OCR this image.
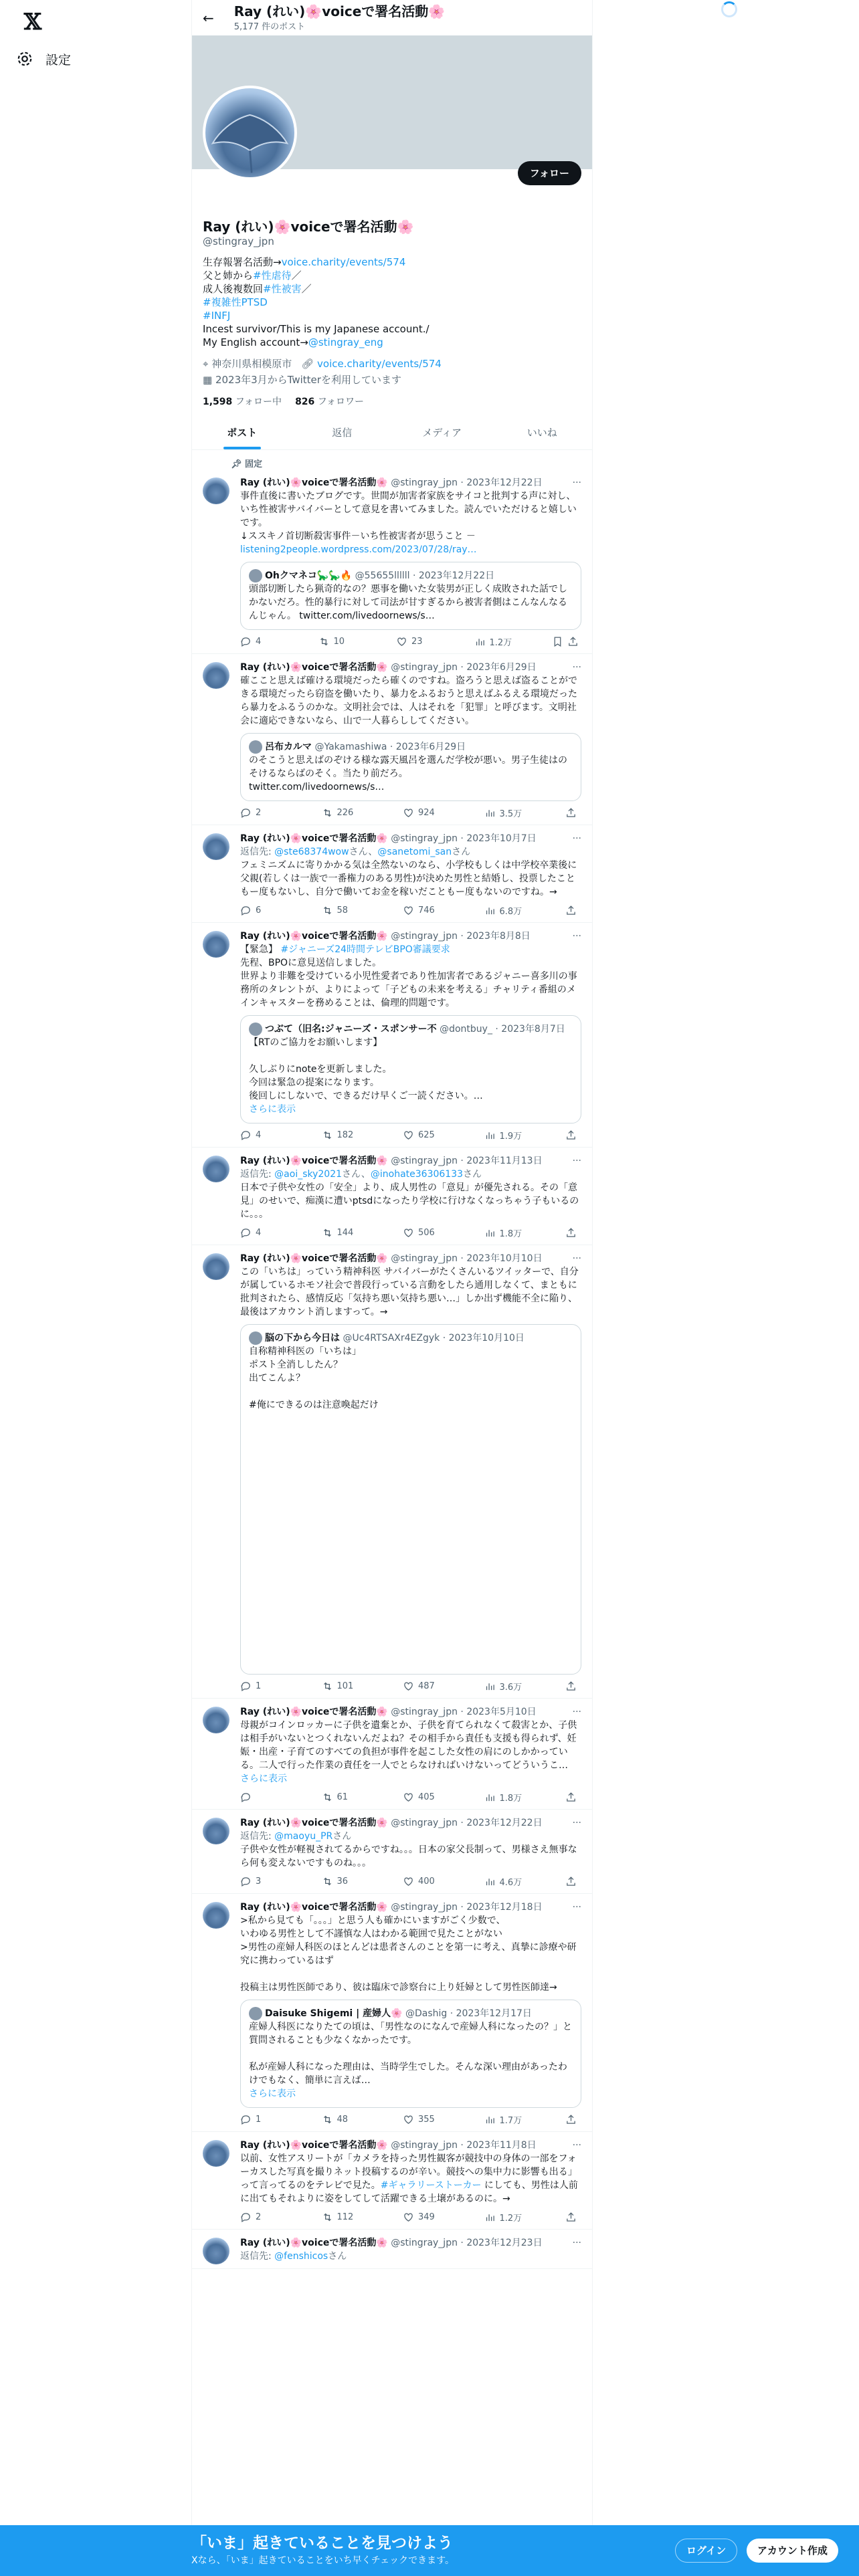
𝕏
設定
← Ray (れい)🌸voiceで署名活動🌸
5,177 件のポスト
フォロー
Ray (れい)🌸voiceで署名活動🌸
@stingray_jpn
生存報署名活動→voice.charity/events/574
父と姉から#性虐待／
成人後複数回#性被害／
#複雑性PTSD
#INFJ
Incest survivor/This is my Japanese account./
My English account→@stingray_eng
⌖ 神奈川県相模原市 🔗︎ voice.charity/events/574
▦ 2023年3月からTwitterを利用しています
1,598 フォロー中 826 フォロワー
ポスト	返信	メディア	いいね
📌︎ 固定
Ray (れい)🌸voiceで署名活動🌸 @stingray_jpn · 2023年12月22日	···
事件直後に書いたブログです。世間が加害者家族をサイコと批判する声に対し、いち性被害サバイバーとして意見を書いてみました。読んでいただけると嬉しいです。
↓ススキノ首切断殺害事件－いち性被害者が思うこと －
listening2people.wordpress.com/2023/07/28/ray…
Ohクマネコ🦕🦕🔥 @55655llllll · 2023年12月22日
頭部切断したら猟奇的なの？悪事を働いた女装男が正しく成敗された話でしかないだろ。性的暴行に対して司法が甘すぎるから被害者側はこんなんなるんじゃん。 twitter.com/livedoornews/s…
4	10	23	1.2万
Ray (れい)🌸voiceで署名活動🌸 @stingray_jpn · 2023年6月29日	···
確ここと思えば確ける環境だったら確くのですね。盗ろうと思えば盗ることができる環境だったら窃盗を働いたり、暴力をふるおうと思えばふるえる環境だったら暴力をふるうのかな。文明社会では、人はそれを「犯罪」と呼びます。文明社会に適応できないなら、山で一人暮らししてください。
呂布カルマ @Yakamashiwa · 2023年6月29日
のそこうと思えばのぞける様な露天風呂を選んだ学校が悪い。男子生徒はのそけるならばのそく。当たり前だろ。
twitter.com/livedoornews/s…
2	226	924	3.5万
Ray (れい)🌸voiceで署名活動🌸 @stingray_jpn · 2023年10月7日	···
返信先: @ste68374wowさん、@sanetomi_sanさん
フェミニズムに寄りかかる気は全然ないのなら、小学校もしくは中学校卒業後に父親(若しくは一族で一番権力のある男性)が決めた男性と結婚し、投票したこともー度もないし、自分で働いてお金を稼いだこともー度もないのですね。→
6	58	746	6.8万
Ray (れい)🌸voiceで署名活動🌸 @stingray_jpn · 2023年8月8日	···
【緊急】 #ジャニーズ24時間テレビBPO審議要求
先程、BPOに意見送信しました。
世界より非難を受けている小児性愛者であり性加害者であるジャニー喜多川の事務所のタレントが、よりによって「子どもの未来を考える」チャリティ番組のメインキャスターを務めることは、倫理的問題です。
つぶて（旧名:ジャニーズ・スポンサー不 @dontbuy_ · 2023年8月7日
【RTのご協力をお願いします】

久しぶりにnoteを更新しました。
今回は緊急の提案になります。
後回しにしないで、できるだけ早くご一読ください。…
さらに表示
4	182	625	1.9万
Ray (れい)🌸voiceで署名活動🌸 @stingray_jpn · 2023年11月13日	···
返信先: @aoi_sky2021さん、@inohate36306133さん
日本で子供や女性の「安全」より、成人男性の「意見」が優先される。その「意見」のせいで、痴漢に遭いptsdになったり学校に行けなくなっちゃう子もいるのに。。。
4	144	506	1.8万
Ray (れい)🌸voiceで署名活動🌸 @stingray_jpn · 2023年10月10日	···
この「いちは」っていう精神科医 サバイバーがたくさんいるツイッターで、自分が属しているホモソ社会で普段行っている言動をしたら通用しなくて、まともに批判されたら、感情反応「気持ち悪い気持ち悪い…」しか出ず機能不全に陥り、最後はアカウント消しますって。→
脳の下から今日は @Uc4RTSAXr4EZgyk · 2023年10月10日
自称精神科医の「いちは」
ポスト全消ししたん？
出てこんよ？

#俺にできるのは注意喚起だけ
1	101	487	3.6万
Ray (れい)🌸voiceで署名活動🌸 @stingray_jpn · 2023年5月10日	···
母親がコインロッカーに子供を遺棄とか、子供を育てられなくて殺害とか、子供は相手がいないとつくれないんだよね？その相手から責任も支援も得られず、妊娠・出産・子育てのすべての負担が事件を起こした女性の肩にのしかかっている。二人で行った作業の責任を一人でとらなければいけないってどういうこ…
さらに表示
61	405	1.8万
Ray (れい)🌸voiceで署名活動🌸 @stingray_jpn · 2023年12月22日	···
返信先: @maoyu_PRさん
子供や女性が軽視されてるからですね。。。日本の家父長制って、男様さえ無事なら何も変えないですものね。。。
3	36	400	4.6万
Ray (れい)🌸voiceで署名活動🌸 @stingray_jpn · 2023年12月18日	···
>私から見ても「。。。」と思う人も確かにいますがごく少数で、
いわゆる男性として不謹慎な人はわかる範囲で見たことがない
>男性の産婦人科医のほとんどは患者さんのことを第一に考え、真摯に診療や研究に携わっているはず

投稿主は男性医師であり、彼は臨床で診察台に上り妊婦として男性医師達→
Daisuke Shigemi | 産婦人🌸 @Dashig · 2023年12月17日
産婦人科医になりたての頃は、「男性なのになんで産婦人科になったの？」と質問されることも少なくなかったです。

私が産婦人科になった理由は、当時学生でした。そんな深い理由があったわけでもなく、簡単に言えば…
さらに表示
1	48	355	1.7万
Ray (れい)🌸voiceで署名活動🌸 @stingray_jpn · 2023年11月8日	···
以前、女性アスリートが「カメラを持った男性観客が競技中の身体の一部をフォーカスした写真を撮りネット投稿するのが辛い。競技への集中力に影響も出る」って言ってるのをテレビで見た。#ギャラリーストーカー にしても、男性は人前に出てもそれよりに姿をしてして活躍できる土壌があるのに。→
2	112	349	1.2万
Ray (れい)🌸voiceで署名活動🌸 @stingray_jpn · 2023年12月23日	···
返信先: @fenshicosさん
「いま」起きていることを見つけよう
Xなら、「いま」起きていることをいち早くチェックできます。
ログイン	アカウント作成
